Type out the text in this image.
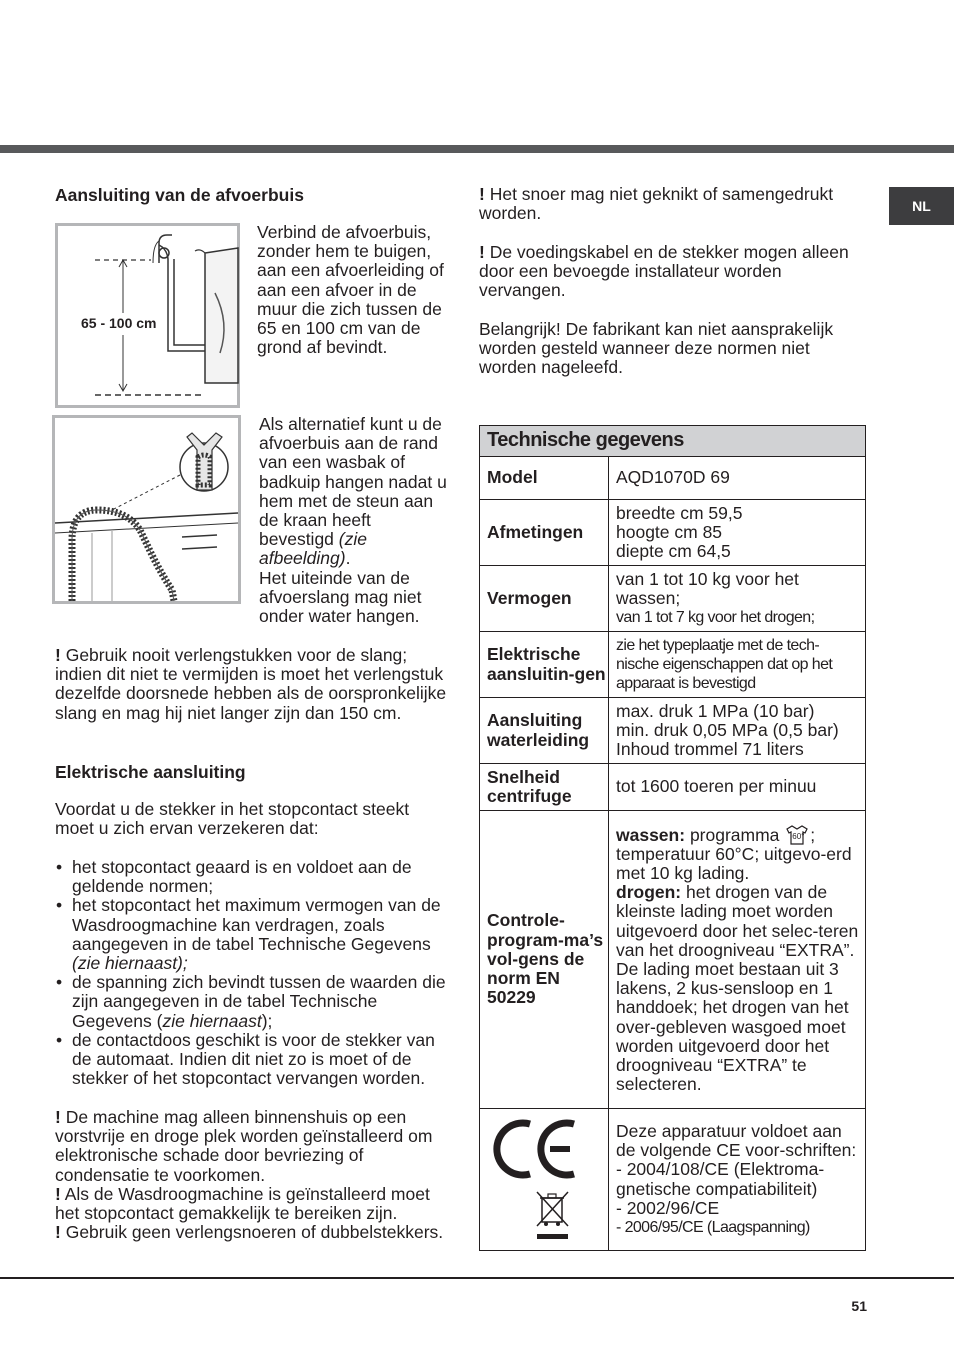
NL

Aansluiting van de afvoerbuis

65 - 100 cm
Verbind de afvoerbuis, zonder hem te buigen, aan een afvoerleiding of aan een afvoer in de muur die zich tussen de 65 en 100 cm van de grond af bevindt.
Als alternatief kunt u de afvoerbuis aan de rand van een wasbak of badkuip hangen nadat u hem met de steun aan de kraan heeft bevestigd (zie afbeelding).
Het uiteinde van de afvoerslang mag niet onder water hangen.

! Gebruik nooit verlengstukken voor de slang; indien dit niet te vermijden is moet het verlengstuk dezelfde doorsnede hebben als de oorspronkelijke slang en mag hij niet langer zijn dan 150 cm.

Elektrische aansluiting

Voordat u de stekker in het stopcontact steekt moet u zich ervan verzekeren dat:

• het stopcontact geaard is en voldoet aan de geldende normen;
• het stopcontact het maximum vermogen van de Wasdroogmachine kan verdragen, zoals aangegeven in de tabel Technische Gegevens (zie hiernaast);
• de spanning zich bevindt tussen de waarden die zijn aangegeven in de tabel Technische Gegevens (zie hiernaast);
• de contactdoos geschikt is voor de stekker van de automaat. Indien dit niet zo is moet of de stekker of het stopcontact vervangen worden.

! De machine mag alleen binnenshuis op een vorstvrije en droge plek worden geïnstalleerd om elektronische schade door bevriezing of condensatie te voorkomen.

! Als de Wasdroogmachine is geïnstalleerd moet het stopcontact gemakkelijk te bereiken zijn.

! Gebruik geen verlengsnoeren of dubbelstekkers.

! Het snoer mag niet geknikt of samengedrukt worden.

! De voedingskabel en de stekker mogen alleen door een bevoegde installateur worden vervangen.

Belangrijk! De fabrikant kan niet aansprakelijk worden gesteld wanneer deze normen niet worden nageleefd.

Technische gegevens	
Model	AQD1070D 69
Afmetingen	breedte cm 59,5
hoogte cm 85
diepte cm 64,5

Vermogen	van 1 tot 10 kg voor het wassen;
van 1 tot 7 kg voor het drogen;

Elektrische aansluitin-gen	zie het typeplaatje met de tech-nische eigenschappen dat op het apparaat is bevestigd
Aansluiting waterleiding	max. druk 1 MPa (10 bar)
min. druk 0,05 MPa (0,5 bar)
Inhoud trommel 71 liters

Snelheid centrifuge	tot 1600 toeren per minuu
Controle-program-ma’s vol-gens de norm EN 50229	wassen: programma 60° ; temperatuur 60°C; uitgevo-erd met 10 kg lading.
drogen: het drogen van de kleinste lading moet worden uitgevoerd door het selec-teren van het droogniveau “EXTRA”. De lading moet bestaan uit 3 lakens, 2 kus-sensloop en 1 handdoek; het drogen van het over-gebleven wasgoed moet worden uitgevoerd door het droogniveau “EXTRA” te selecteren.

Deze apparatuur voldoet aan de volgende CE voor-schriften:
- 2004/108/CE (Elektroma-gnetische compatiabiliteit)
- 2002/96/CE
- 2006/95/CE (Laagspanning)
51
